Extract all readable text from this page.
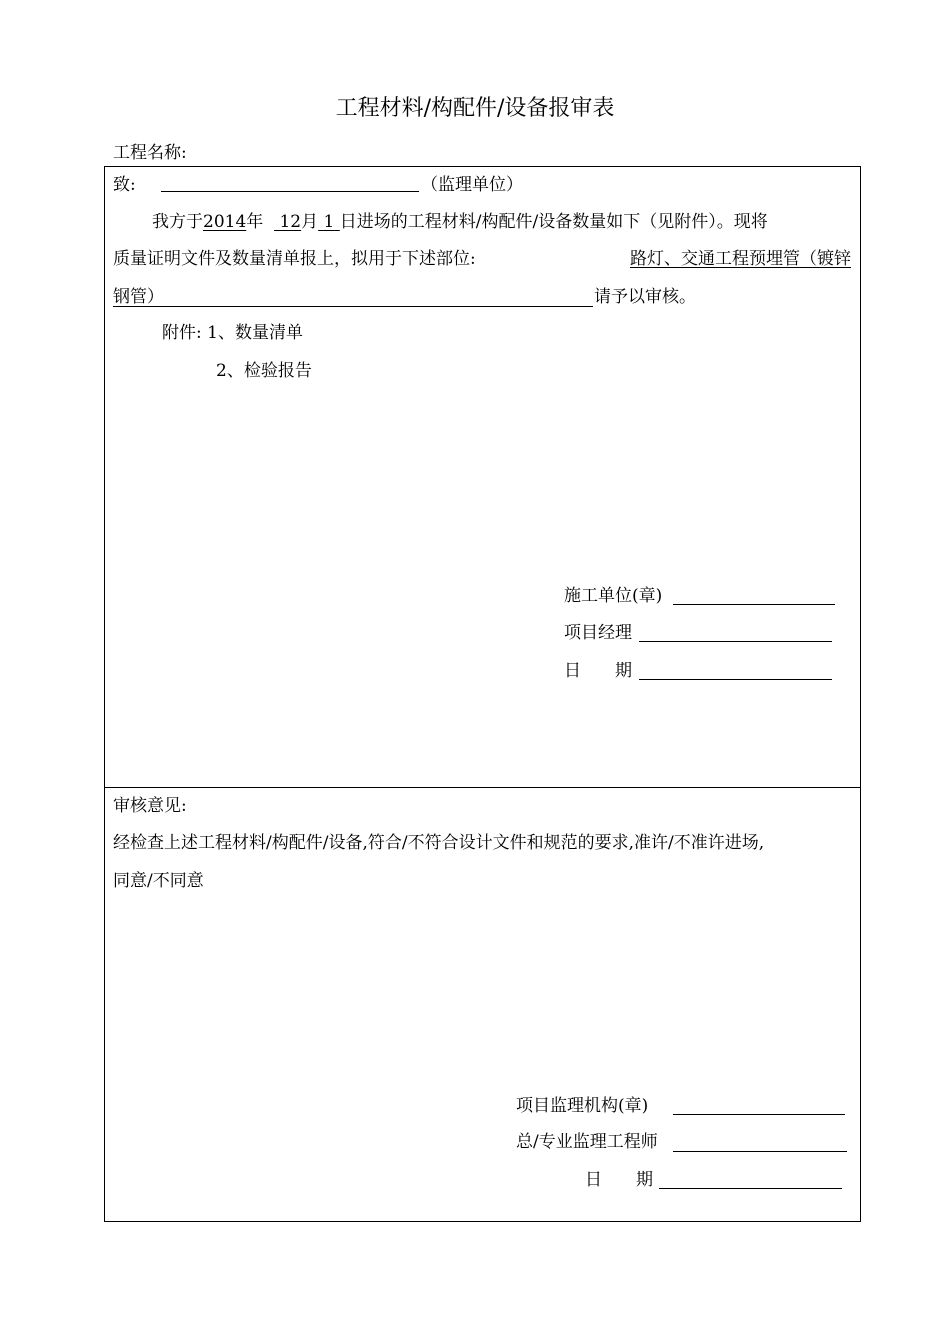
工程材料/构配件/设备报审表
工程名称:
致:	（监理单位）
我方于2014年 12月 1 日进场的工程材料/构配件/设备数量如下（见附件）。现将
质量证明文件及数量清单报上，拟用于下述部位:	路灯、交通工程预埋管（镀锌
钢管）	请予以审核。
附件: 1、数量清单
2、检验报告
施工单位(章)
项目经理
日　　期
审核意见:
经检查上述工程材料/构配件/设备,符合/不符合设计文件和规范的要求,准许/不准许进场,
同意/不同意
项目监理机构(章)
总/专业监理工程师
日　　期
